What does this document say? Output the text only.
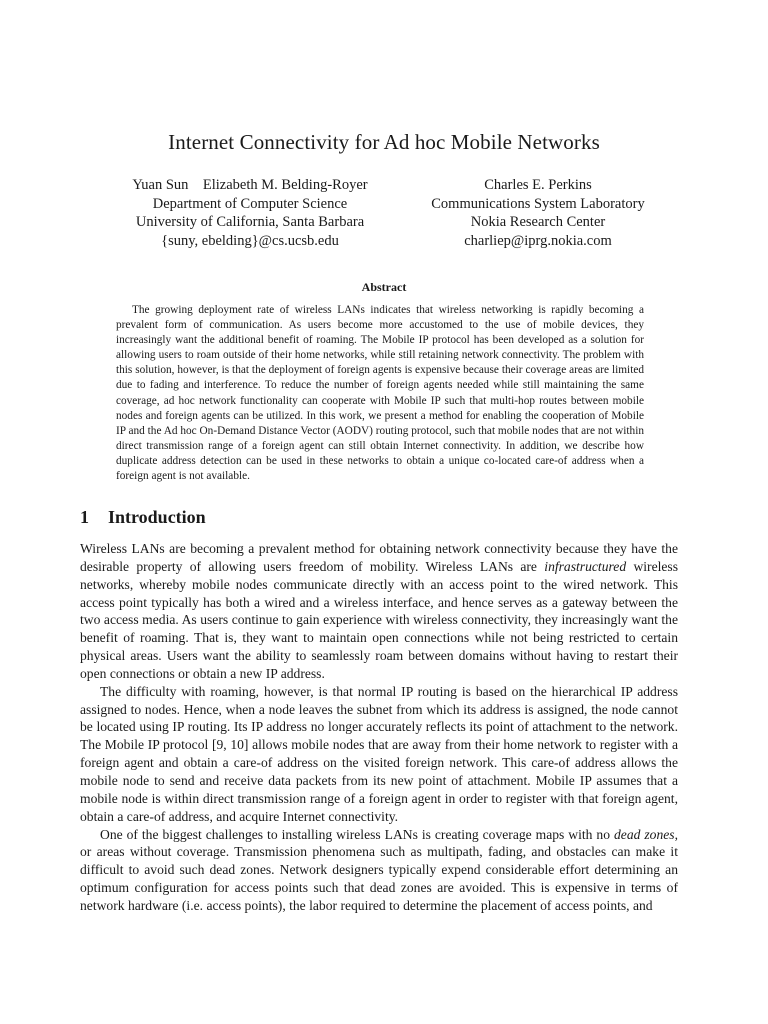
Internet Connectivity for Ad hoc Mobile Networks
Yuan Sun    Elizabeth M. Belding-Royer
Department of Computer Science
University of California, Santa Barbara
{suny, ebelding}@cs.ucsb.edu
Charles E. Perkins
Communications System Laboratory
Nokia Research Center
charliep@iprg.nokia.com
Abstract

The growing deployment rate of wireless LANs indicates that wireless networking is rapidly becoming a prevalent form of communication. As users become more accustomed to the use of mobile devices, they increasingly want the additional benefit of roaming. The Mobile IP protocol has been developed as a solution for allowing users to roam outside of their home networks, while still retaining network connectivity. The problem with this solution, however, is that the deployment of foreign agents is expensive because their coverage areas are limited due to fading and interference. To reduce the number of foreign agents needed while still maintaining the same coverage, ad hoc network functionality can cooperate with Mobile IP such that multi-hop routes between mobile nodes and foreign agents can be utilized. In this work, we present a method for enabling the cooperation of Mobile IP and the Ad hoc On-Demand Distance Vector (AODV) routing protocol, such that mobile nodes that are not within direct transmission range of a foreign agent can still obtain Internet connectivity. In addition, we describe how duplicate address detection can be used in these networks to obtain a unique co-located care-of address when a foreign agent is not available.

1 Introduction

Wireless LANs are becoming a prevalent method for obtaining network connectivity because they have the desirable property of allowing users freedom of mobility. Wireless LANs are infrastructured wireless networks, whereby mobile nodes communicate directly with an access point to the wired network. This access point typically has both a wired and a wireless interface, and hence serves as a gateway between the two access media. As users continue to gain experience with wireless connectivity, they increasingly want the benefit of roaming. That is, they want to maintain open connections while not being restricted to certain physical areas. Users want the ability to seamlessly roam between domains without having to restart their open connections or obtain a new IP address.

The difficulty with roaming, however, is that normal IP routing is based on the hierarchical IP address assigned to nodes. Hence, when a node leaves the subnet from which its address is assigned, the node cannot be located using IP routing. Its IP address no longer accurately reflects its point of attachment to the network. The Mobile IP protocol [9, 10] allows mobile nodes that are away from their home network to register with a foreign agent and obtain a care-of address on the visited foreign network. This care-of address allows the mobile node to send and receive data packets from its new point of attachment. Mobile IP assumes that a mobile node is within direct transmission range of a foreign agent in order to register with that foreign agent, obtain a care-of address, and acquire Internet connectivity.

One of the biggest challenges to installing wireless LANs is creating coverage maps with no dead zones, or areas without coverage. Transmission phenomena such as multipath, fading, and obstacles can make it difficult to avoid such dead zones. Network designers typically expend considerable effort determining an optimum configuration for access points such that dead zones are avoided. This is expensive in terms of network hardware (i.e. access points), the labor required to determine the placement of access points, and
